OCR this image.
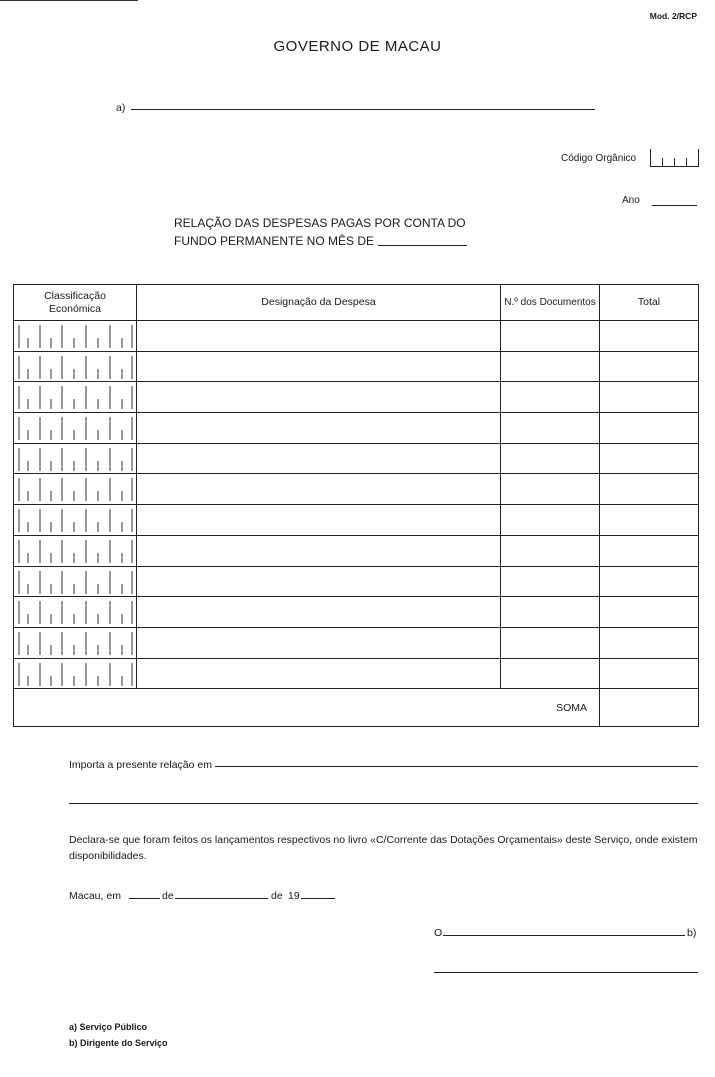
Mod. 2/RCP
GOVERNO DE MACAU
a)
Código Orgânico
Ano
RELAÇÃO DAS DESPESAS PAGAS POR CONTA DO
FUNDO PERMANENTE NO MÊS DE
Classificação
Económica	Designação da Despesa	N.º dos Documentos	Total

SOMA			
Importa a presente relação em
Declara-se que foram feitos os lançamentos respectivos no livro «C/Corrente das Dotações Orçamentais» deste Serviço, onde existem disponibilidades.
Macau, em	de	de 19
O	b)
a) Serviço Público
b) Dirigente do Serviço
